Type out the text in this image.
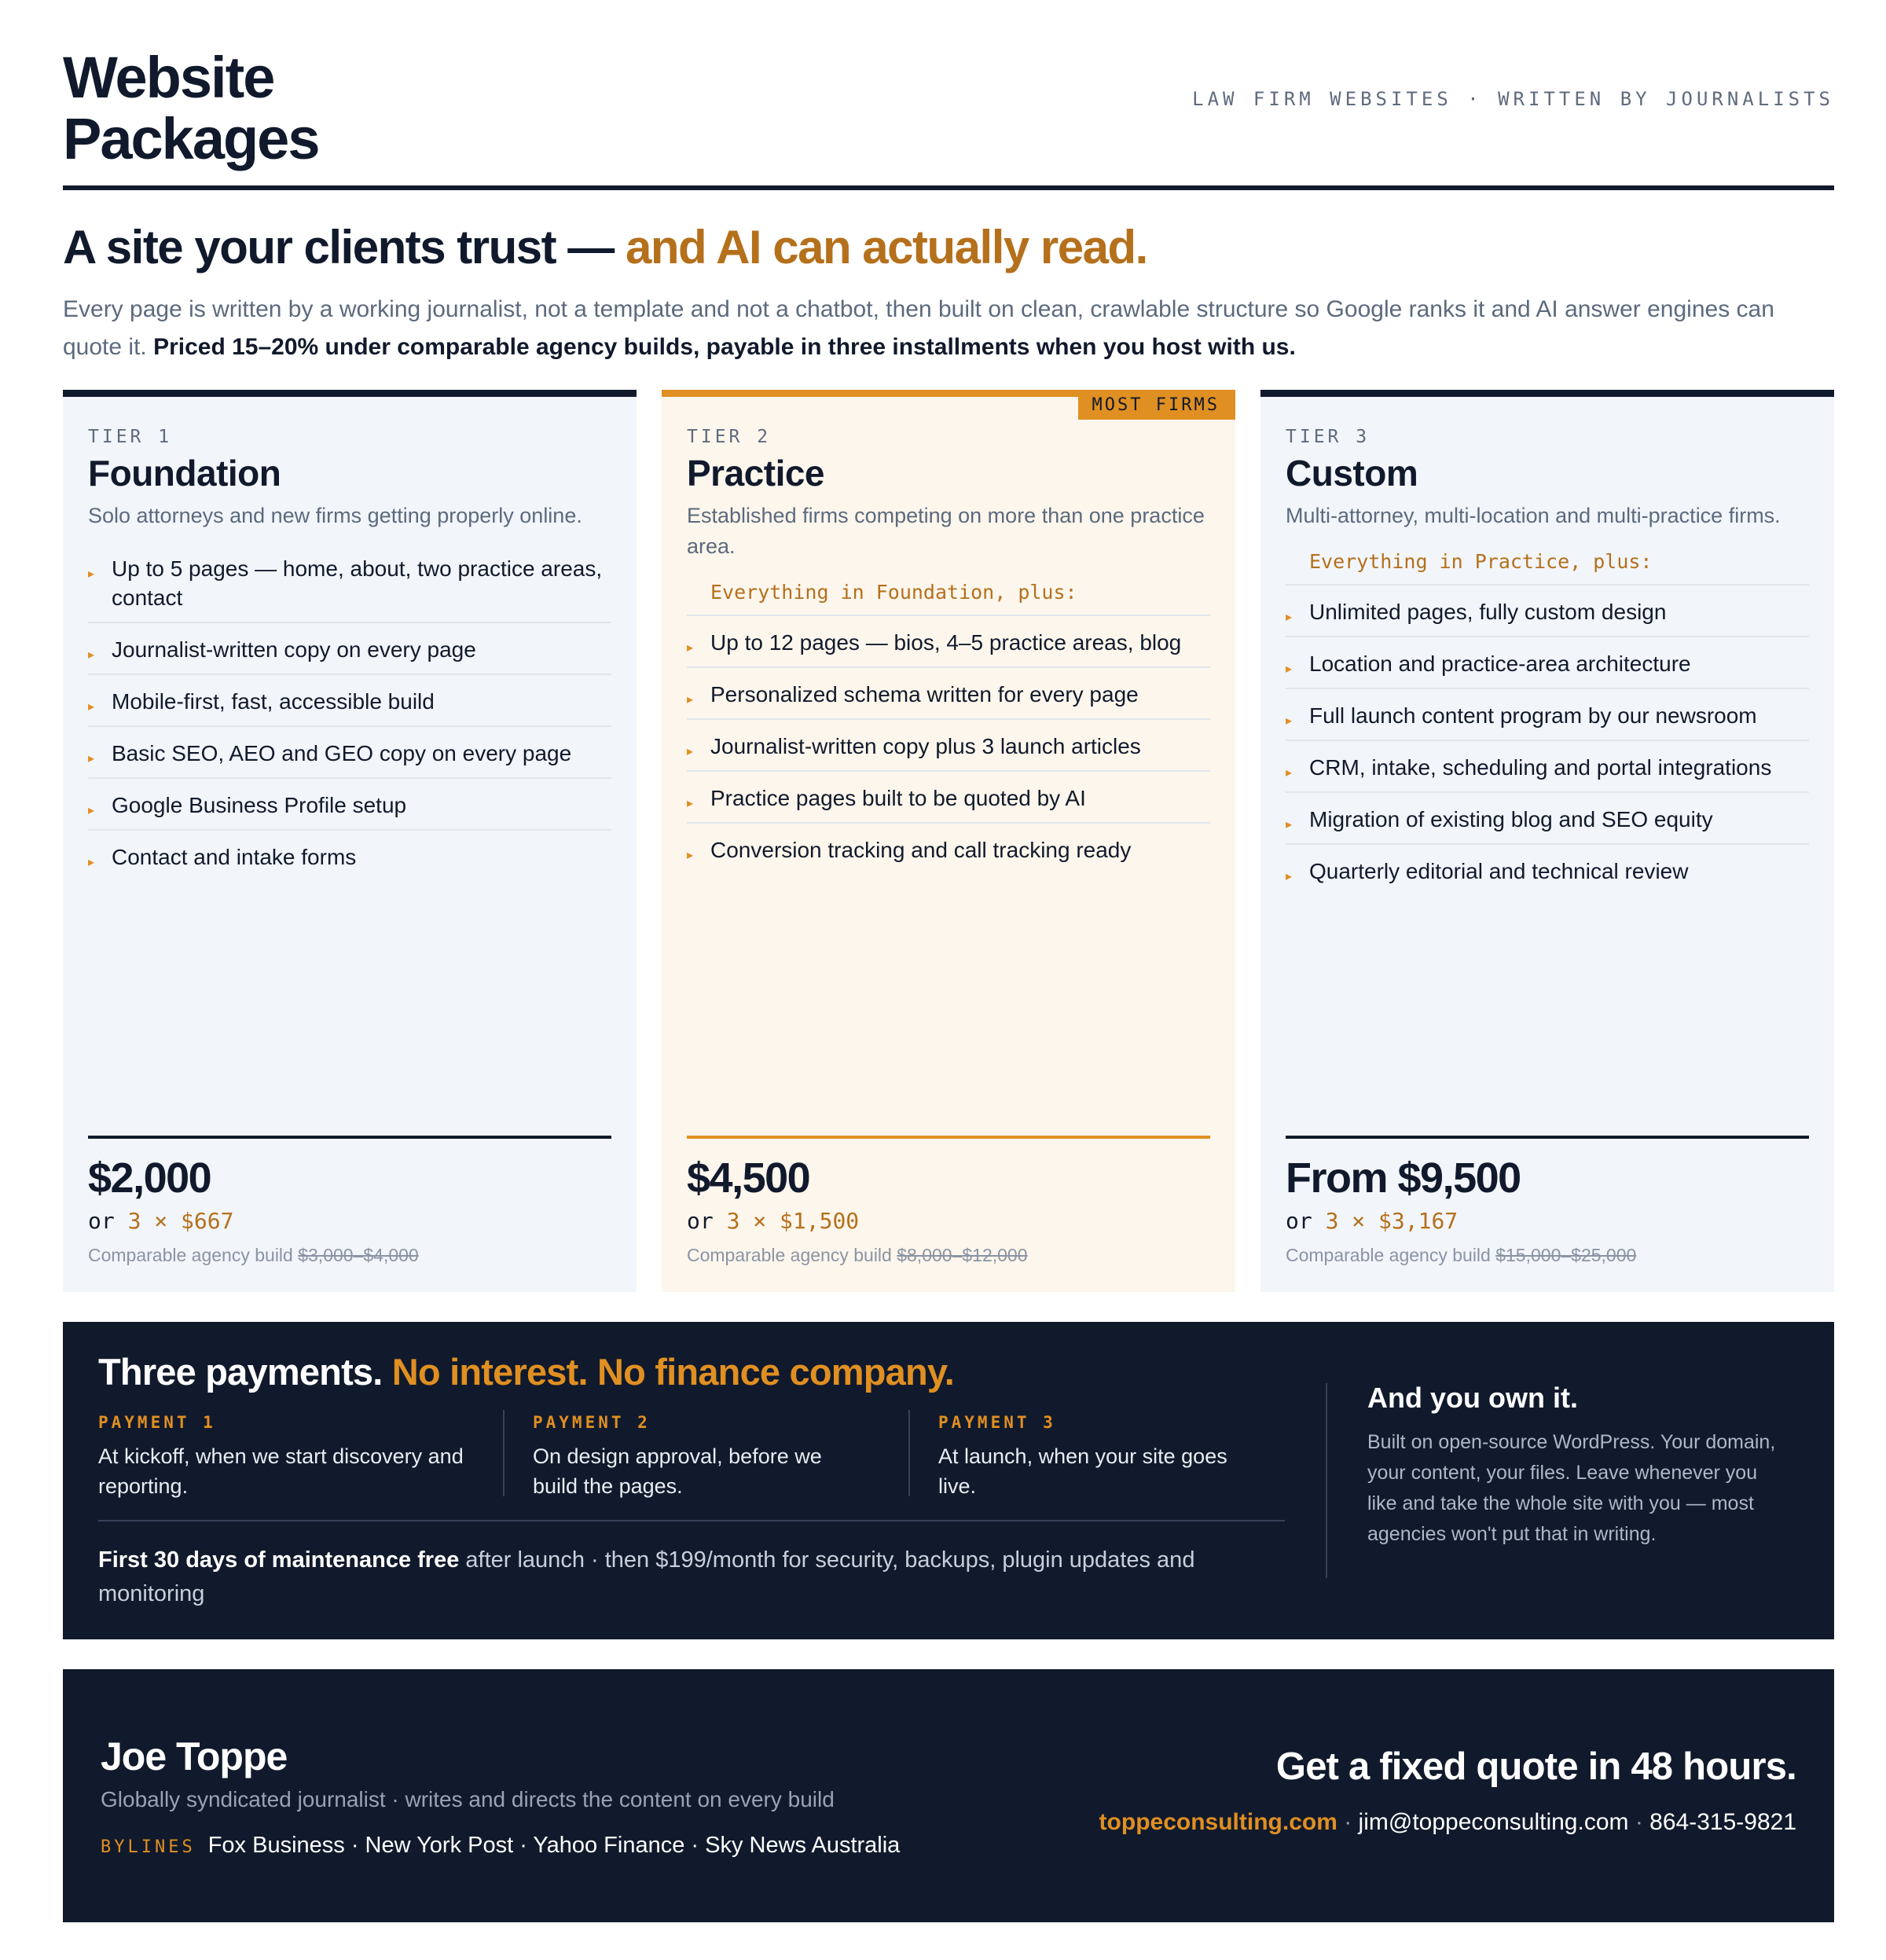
Website
Packages
LAW FIRM WEBSITES · WRITTEN BY JOURNALISTS
A site your clients trust — and AI can actually read.

Every page is written by a working journalist, not a template and not a chatbot, then built on clean, crawlable structure so Google ranks it and AI answer engines can quote it. Priced 15–20% under comparable agency builds, payable in three installments when you host with us.

TIER 1
Foundation
Solo attorneys and new firms getting properly online.
▸ Up to 5 pages — home, about, two practice areas, contact
▸ Journalist-written copy on every page
▸ Mobile-first, fast, accessible build
▸ Basic SEO, AEO and GEO copy on every page
▸ Google Business Profile setup
▸ Contact and intake forms
$2,000
or 3 × $667
Comparable agency build $3,000–$4,000
MOST FIRMS
TIER 2
Practice
Established firms competing on more than one practice area.
Everything in Foundation, plus:
▸ Up to 12 pages — bios, 4–5 practice areas, blog
▸ Personalized schema written for every page
▸ Journalist-written copy plus 3 launch articles
▸ Practice pages built to be quoted by AI
▸ Conversion tracking and call tracking ready
$4,500
or 3 × $1,500
Comparable agency build $8,000–$12,000
TIER 3
Custom
Multi-attorney, multi-location and multi-practice firms.
Everything in Practice, plus:
▸ Unlimited pages, fully custom design
▸ Location and practice-area architecture
▸ Full launch content program by our newsroom
▸ CRM, intake, scheduling and portal integrations
▸ Migration of existing blog and SEO equity
▸ Quarterly editorial and technical review
From $9,500
or 3 × $3,167
Comparable agency build $15,000–$25,000
Three payments. No interest. No finance company.
PAYMENT 1
At kickoff, when we start discovery and reporting.
PAYMENT 2
On design approval, before we build the pages.
PAYMENT 3
At launch, when your site goes live.

First 30 days of maintenance free after launch · then $199/month for security, backups, plugin updates and monitoring

And you own it.
Built on open-source WordPress. Your domain, your content, your files. Leave whenever you like and take the whole site with you — most agencies won't put that in writing.
Joe Toppe
Globally syndicated journalist · writes and directs the content on every build
BYLINES Fox Business · New York Post · Yahoo Finance · Sky News Australia
Get a fixed quote in 48 hours.
toppeconsulting.com · jim@toppeconsulting.com · 864-315-9821
